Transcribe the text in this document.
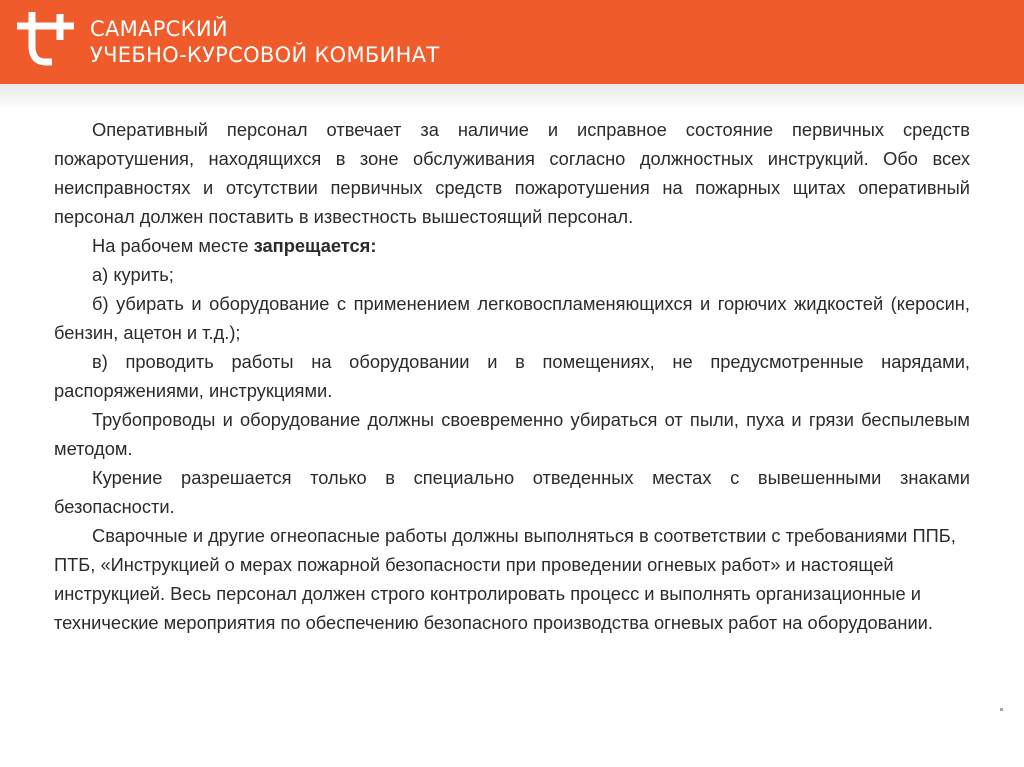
САМАРСКИЙ
УЧЕБНО-КУРСОВОЙ КОМБИНАТ

Оперативный персонал отвечает за наличие и исправное состояние первичных средств пожаротушения, находящихся в зоне обслуживания согласно должностных инструкций. Обо всех неисправностях и отсутствии первичных средств пожаротушения на пожарных щитах оперативный персонал должен поставить в известность вышестоящий персонал.

На рабочем месте запрещается:

а) курить;

б) убирать и оборудование с применением легковоспламеняющихся и горючих жидкостей (керосин, бензин, ацетон и т.д.);

в) проводить работы на оборудовании и в помещениях, не предусмотренные нарядами, распоряжениями, инструкциями.

Трубопроводы и оборудование должны своевременно убираться от пыли, пуха и грязи беспылевым методом.

Курение разрешается только в специально отведенных местах с вывешенными знаками безопасности.

Сварочные и другие огнеопасные работы должны выполняться в соответствии с требованиями ППБ, ПТБ, «Инструкцией о мерах пожарной безопасности при проведении огневых работ» и настоящей инструкцией. Весь персонал должен строго контролировать процесс и выполнять организационные и технические мероприятия по обеспечению безопасного производства огневых работ на оборудовании.
